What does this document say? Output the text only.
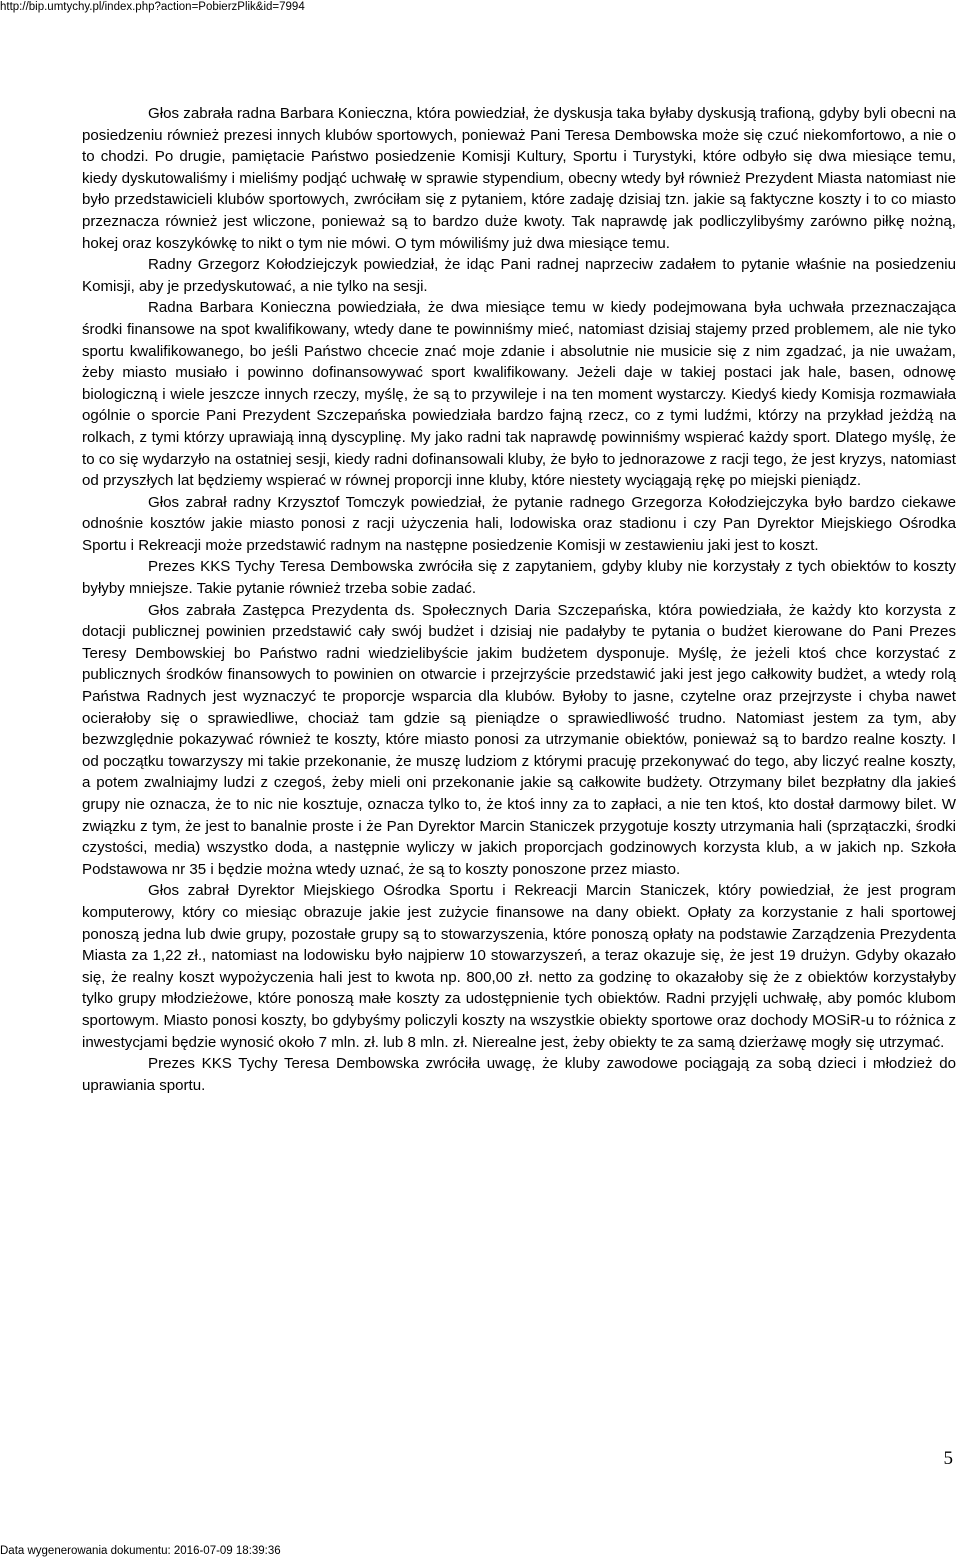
http://bip.umtychy.pl/index.php?action=PobierzPlik&id=7994

Głos zabrała radna Barbara Konieczna, która powiedział, że dyskusja taka byłaby dyskusją trafioną, gdyby byli obecni na posiedzeniu również prezesi innych klubów sportowych, ponieważ Pani Teresa Dembowska może się czuć niekomfortowo, a nie o to chodzi. Po drugie, pamiętacie Państwo posiedzenie Komisji Kultury, Sportu i Turystyki, które odbyło się dwa miesiące temu, kiedy dyskutowaliśmy i mieliśmy podjąć uchwałę w sprawie stypendium, obecny wtedy był również Prezydent Miasta natomiast nie było przedstawicieli klubów sportowych, zwróciłam się z pytaniem, które zadaję dzisiaj tzn. jakie są faktyczne koszty i to co miasto przeznacza również jest wliczone, ponieważ są to bardzo duże kwoty. Tak naprawdę jak podliczylibyśmy zarówno piłkę nożną, hokej oraz koszykówkę to nikt o tym nie mówi. O tym mówiliśmy już dwa miesiące temu.

Radny Grzegorz Kołodziejczyk powiedział, że idąc Pani radnej naprzeciw zadałem to pytanie właśnie na posiedzeniu Komisji, aby je przedyskutować, a nie tylko na sesji.

Radna Barbara Konieczna powiedziała, że dwa miesiące temu w kiedy podejmowana była uchwała przeznaczająca środki finansowe na spot kwalifikowany, wtedy dane te powinniśmy mieć, natomiast dzisiaj stajemy przed problemem, ale nie tyko sportu kwalifikowanego, bo jeśli Państwo chcecie znać moje zdanie i absolutnie nie musicie się z nim zgadzać, ja nie uważam, żeby miasto musiało i powinno dofinansowywać sport kwalifikowany. Jeżeli daje w takiej postaci jak hale, basen, odnowę biologiczną i wiele jeszcze innych rzeczy, myślę, że są to przywileje i na ten moment wystarczy. Kiedyś kiedy Komisja rozmawiała ogólnie o sporcie Pani Prezydent Szczepańska powiedziała bardzo fajną rzecz, co z tymi ludźmi, którzy na przykład jeżdżą na rolkach, z tymi którzy uprawiają inną dyscyplinę. My jako radni tak naprawdę powinniśmy wspierać każdy sport. Dlatego myślę, że to co się wydarzyło na ostatniej sesji, kiedy radni dofinansowali kluby, że było to jednorazowe z racji tego, że jest kryzys, natomiast od przyszłych lat będziemy wspierać w równej proporcji inne kluby, które niestety wyciągają rękę po miejski pieniądz.

Głos zabrał radny Krzysztof Tomczyk powiedział, że pytanie radnego Grzegorza Kołodziejczyka było bardzo ciekawe odnośnie kosztów jakie miasto ponosi z racji użyczenia hali, lodowiska oraz stadionu i czy Pan Dyrektor Miejskiego Ośrodka Sportu i Rekreacji może przedstawić radnym na następne posiedzenie Komisji w zestawieniu jaki jest to koszt.

Prezes KKS Tychy Teresa Dembowska zwróciła się z zapytaniem, gdyby kluby nie korzystały z tych obiektów to koszty byłyby mniejsze. Takie pytanie również trzeba sobie zadać.

Głos zabrała Zastępca Prezydenta ds. Społecznych Daria Szczepańska, która powiedziała, że każdy kto korzysta z dotacji publicznej powinien przedstawić cały swój budżet i dzisiaj nie padałyby te pytania o budżet kierowane do Pani Prezes Teresy Dembowskiej bo Państwo radni wiedzielibyście jakim budżetem dysponuje. Myślę, że jeżeli ktoś chce korzystać z publicznych środków finansowych to powinien on otwarcie i przejrzyście przedstawić jaki jest jego całkowity budżet, a wtedy rolą Państwa Radnych jest wyznaczyć te proporcje wsparcia dla klubów. Byłoby to jasne, czytelne oraz przejrzyste i chyba nawet ocierałoby się o sprawiedliwe, chociaż tam gdzie są pieniądze o sprawiedliwość trudno. Natomiast jestem za tym, aby bezwzględnie pokazywać również te koszty, które miasto ponosi za utrzymanie obiektów, ponieważ są to bardzo realne koszty. I od początku towarzyszy mi takie przekonanie, że muszę ludziom z którymi pracuję przekonywać do tego, aby liczyć realne koszty, a potem zwalniajmy ludzi z czegoś, żeby mieli oni przekonanie jakie są całkowite budżety. Otrzymany bilet bezpłatny dla jakieś grupy nie oznacza, że to nic nie kosztuje, oznacza tylko to, że ktoś inny za to zapłaci, a nie ten ktoś, kto dostał darmowy bilet. W związku z tym, że jest to banalnie proste i że Pan Dyrektor Marcin Staniczek przygotuje koszty utrzymania hali (sprzątaczki, środki czystości, media) wszystko doda, a następnie wyliczy w jakich proporcjach godzinowych korzysta klub, a w jakich np. Szkoła Podstawowa nr 35 i będzie można wtedy uznać, że są to koszty ponoszone przez miasto.

Głos zabrał Dyrektor Miejskiego Ośrodka Sportu i Rekreacji Marcin Staniczek, który powiedział, że jest program komputerowy, który co miesiąc obrazuje jakie jest zużycie finansowe na dany obiekt. Opłaty za korzystanie z hali sportowej ponoszą jedna lub dwie grupy, pozostałe grupy są to stowarzyszenia, które ponoszą opłaty na podstawie Zarządzenia Prezydenta Miasta za 1,22 zł., natomiast na lodowisku było najpierw 10 stowarzyszeń, a teraz okazuje się, że jest 19 drużyn. Gdyby okazało się, że realny koszt wypożyczenia hali jest to kwota np. 800,00 zł. netto za godzinę to okazałoby się że z obiektów korzystałyby tylko grupy młodzieżowe, które ponoszą małe koszty za udostępnienie tych obiektów. Radni przyjęli uchwałę, aby pomóc klubom sportowym. Miasto ponosi koszty, bo gdybyśmy policzyli koszty na wszystkie obiekty sportowe oraz dochody MOSiR-u to różnica z inwestycjami będzie wynosić około 7 mln. zł. lub 8 mln. zł. Nierealne jest, żeby obiekty te za samą dzierżawę mogły się utrzymać.

Prezes KKS Tychy Teresa Dembowska zwróciła uwagę, że kluby zawodowe pociągają za sobą dzieci i młodzież do uprawiania sportu.

5
Data wygenerowania dokumentu: 2016-07-09 18:39:36
